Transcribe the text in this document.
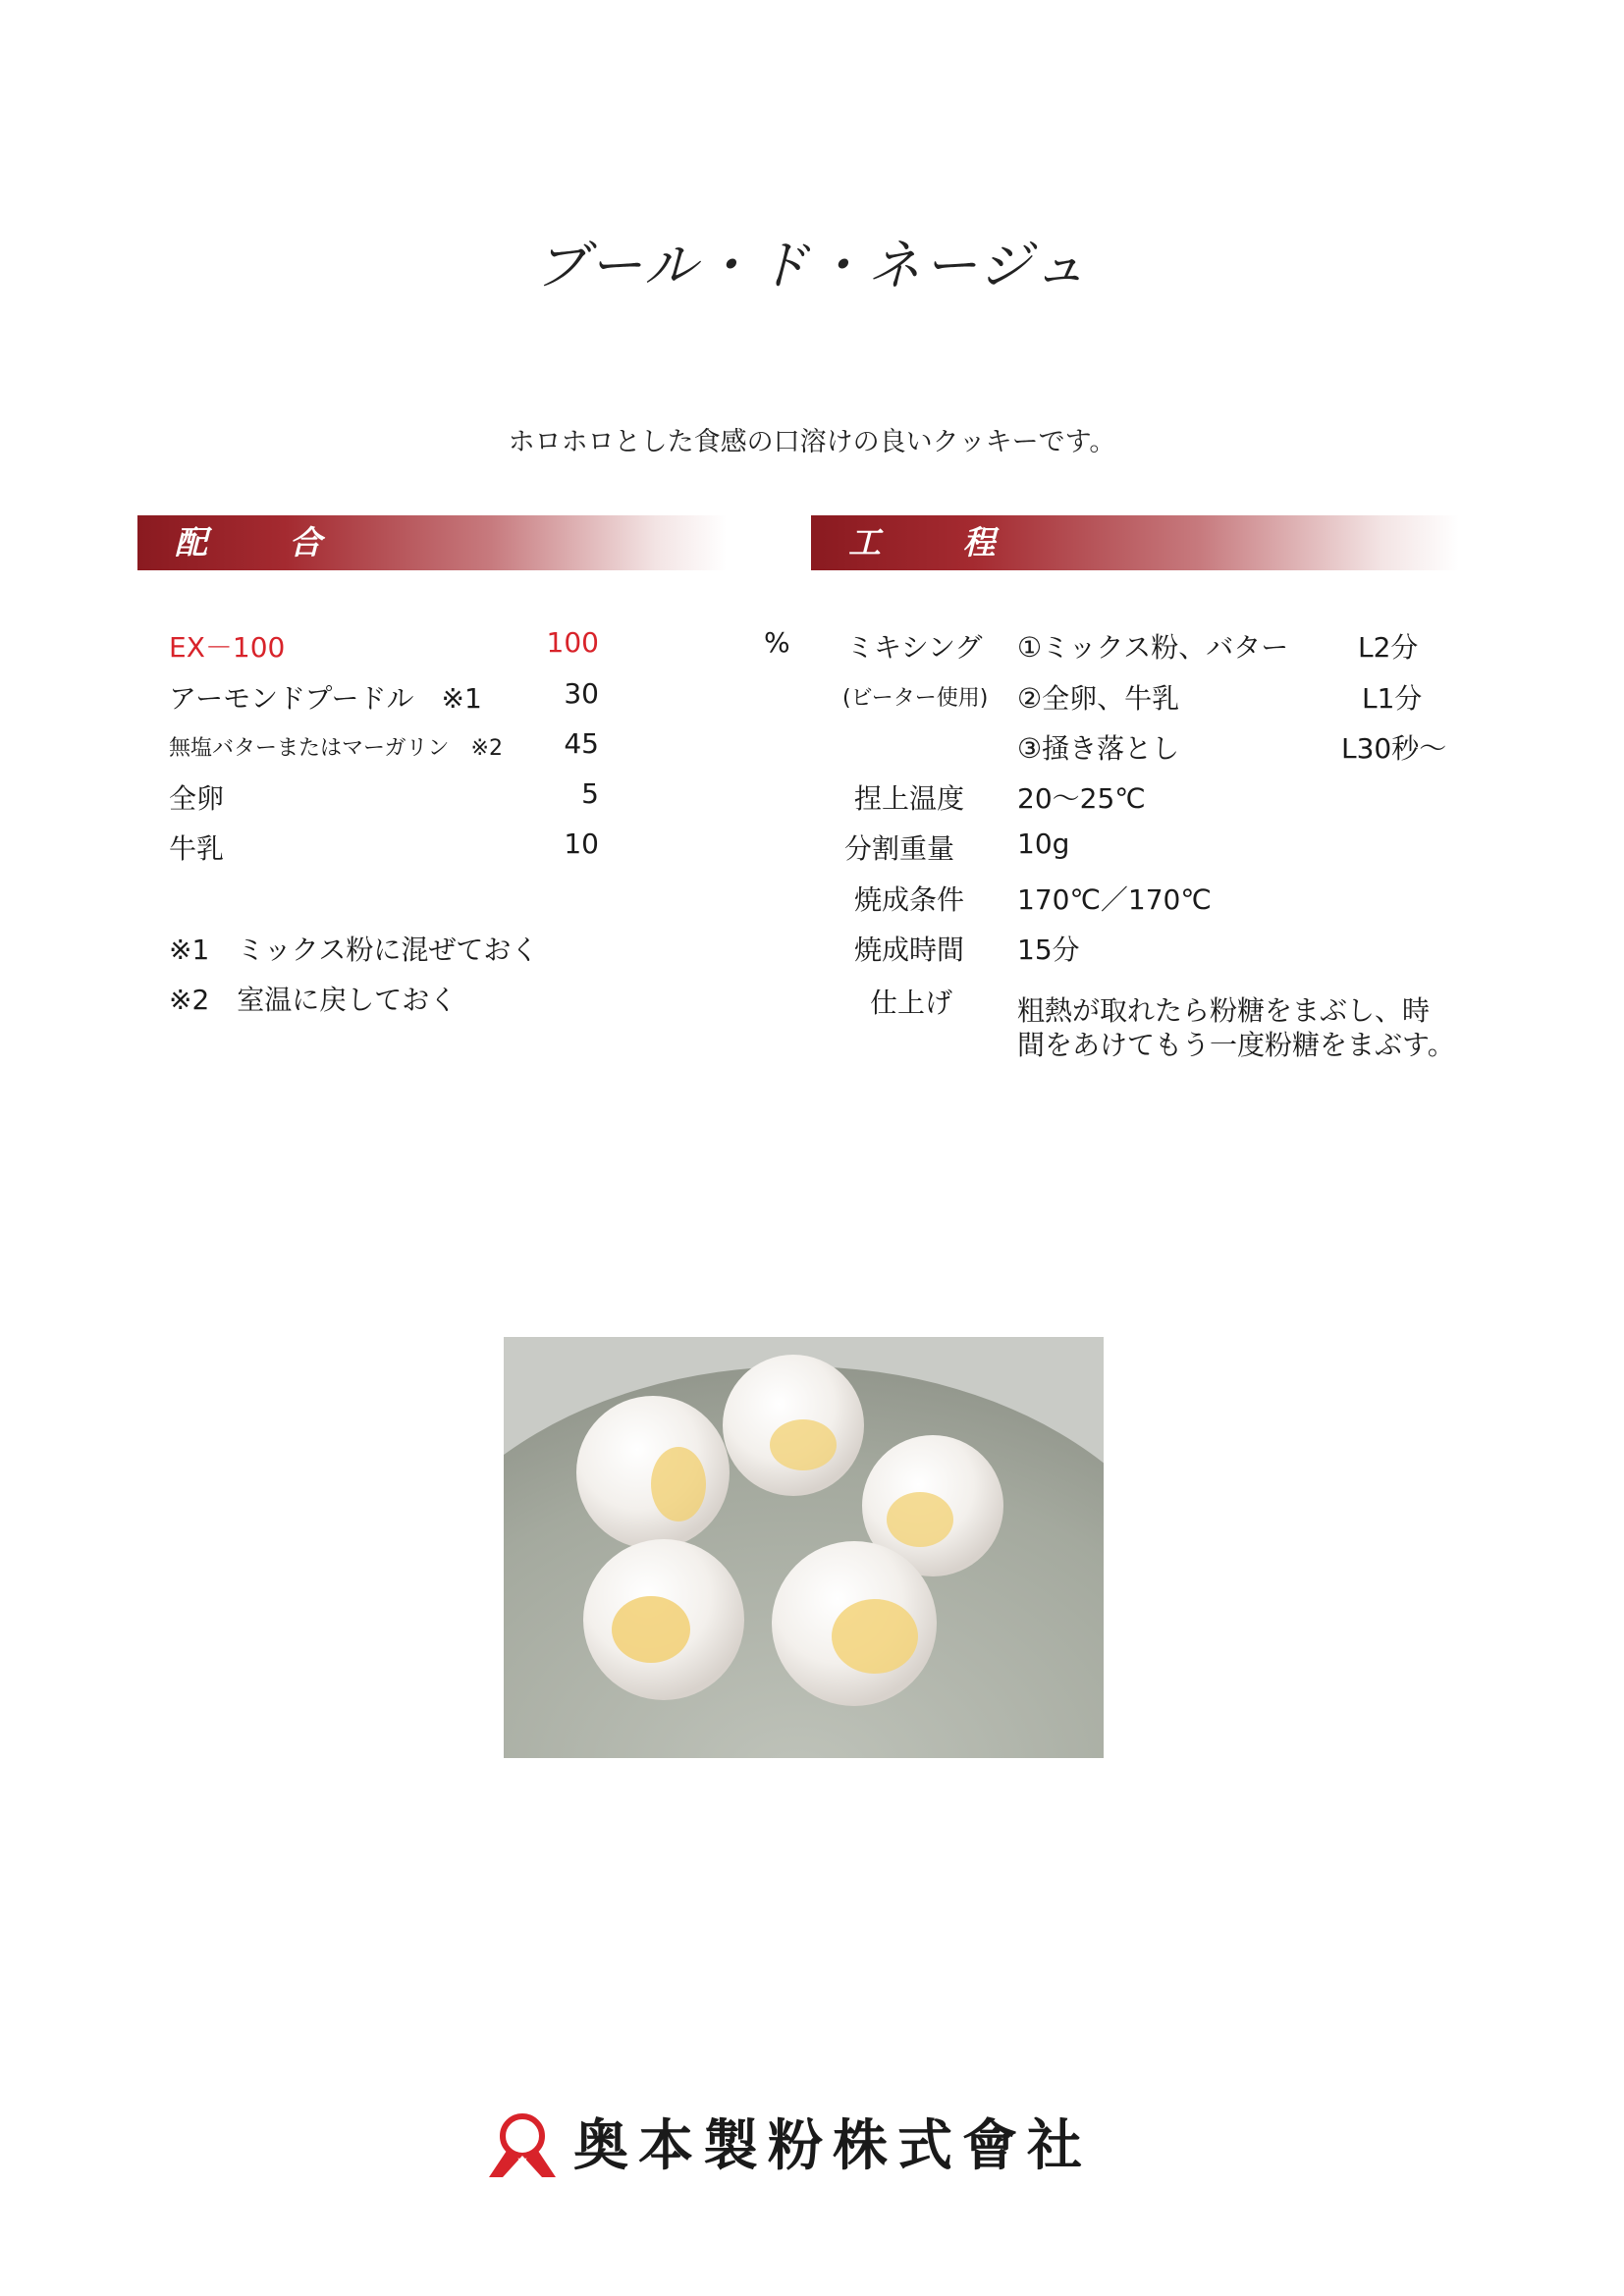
ブール・ド・ネージュ
ホロホロとした食感の口溶けの良いクッキーです。
配 合	工 程
EX－100	100
アーモンドプードル　※1	30
無塩バターまたはマーガリン　※2	45
全卵	5
牛乳	10
%
※1　ミックス粉に混ぜておく
※2　室温に戻しておく
ミキシング
(ビーター使用)
①ミックス粉、バター	L2分
②全卵、牛乳	L1分
③掻き落とし	L30秒～
捏上温度 20～25℃
分割重量 10g
焼成条件 170℃／170℃
焼成時間 15分
仕上げ 粗熱が取れたら粉糖をまぶし、時
間をあけてもう一度粉糖をまぶす。
奥本製粉株式會社
